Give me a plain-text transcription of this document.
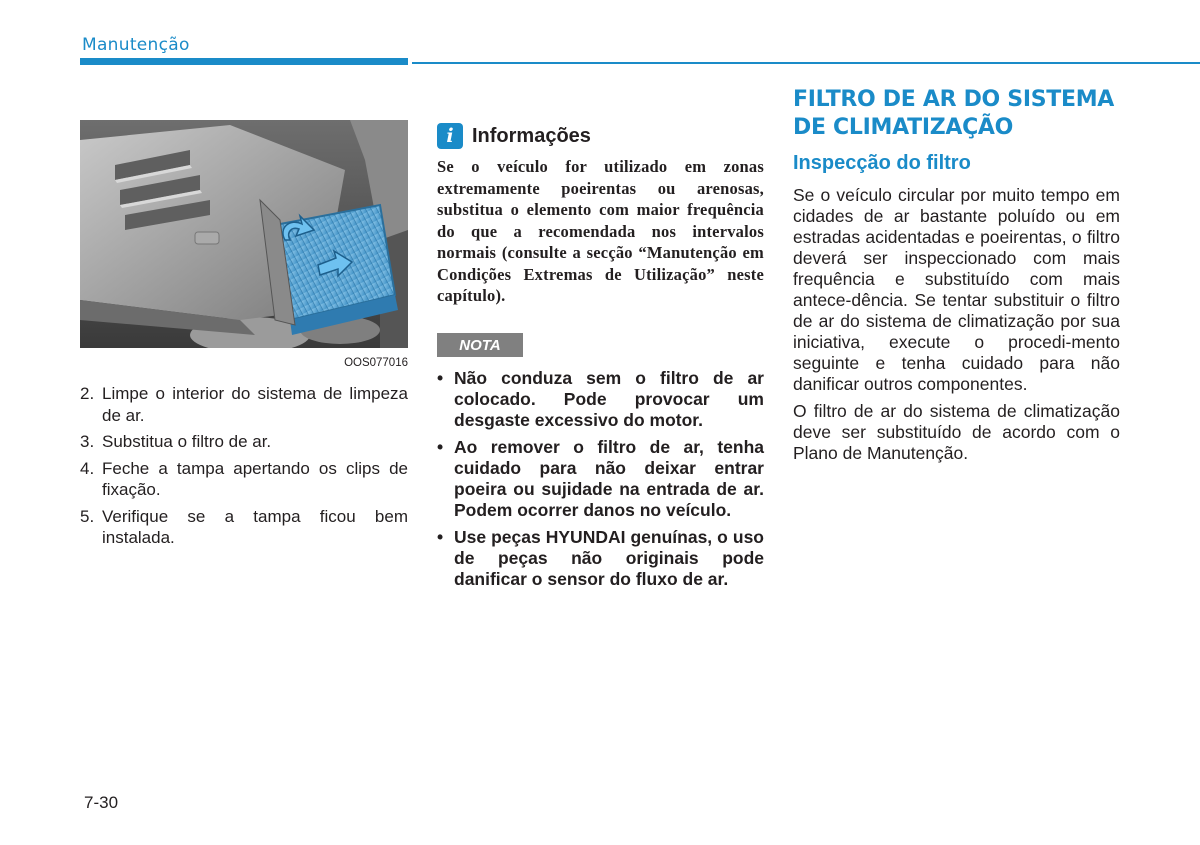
Manutenção
OOS077016
2. Limpe o interior do sistema de limpeza de ar.
3. Substitua o filtro de ar.
4. Feche a tampa apertando os clips de fixação.
5. Verifique se a tampa ficou bem instalada.
i Informações
Se o veículo for utilizado em zonas extremamente poeirentas ou arenosas, substitua o elemento com maior frequência do que a recomendada nos intervalos normais (consulte a secção “Manutenção em Condições Extremas de Utilização” neste capítulo).
NOTA
• Não conduza sem o filtro de ar colocado. Pode provocar um desgaste excessivo do motor.
• Ao remover o filtro de ar, tenha cuidado para não deixar entrar poeira ou sujidade na entrada de ar. Podem ocorrer danos no veículo.
• Use peças HYUNDAI genuínas, o uso de peças não originais pode danificar o sensor do fluxo de ar.
FILTRO DE AR DO SISTEMA DE CLIMATIZAÇÃO
Inspecção do filtro

Se o veículo circular por muito tempo em cidades de ar bastante poluído ou em estradas acidentadas e poeirentas, o filtro deverá ser inspeccionado com mais frequência e substituído com mais antece-dência. Se tentar substituir o filtro de ar do sistema de climatização por sua iniciativa, execute o procedi-mento seguinte e tenha cuidado para não danificar outros componentes.

O filtro de ar do sistema de climatização deve ser substituído de acordo com o Plano de Manutenção.

7-30
